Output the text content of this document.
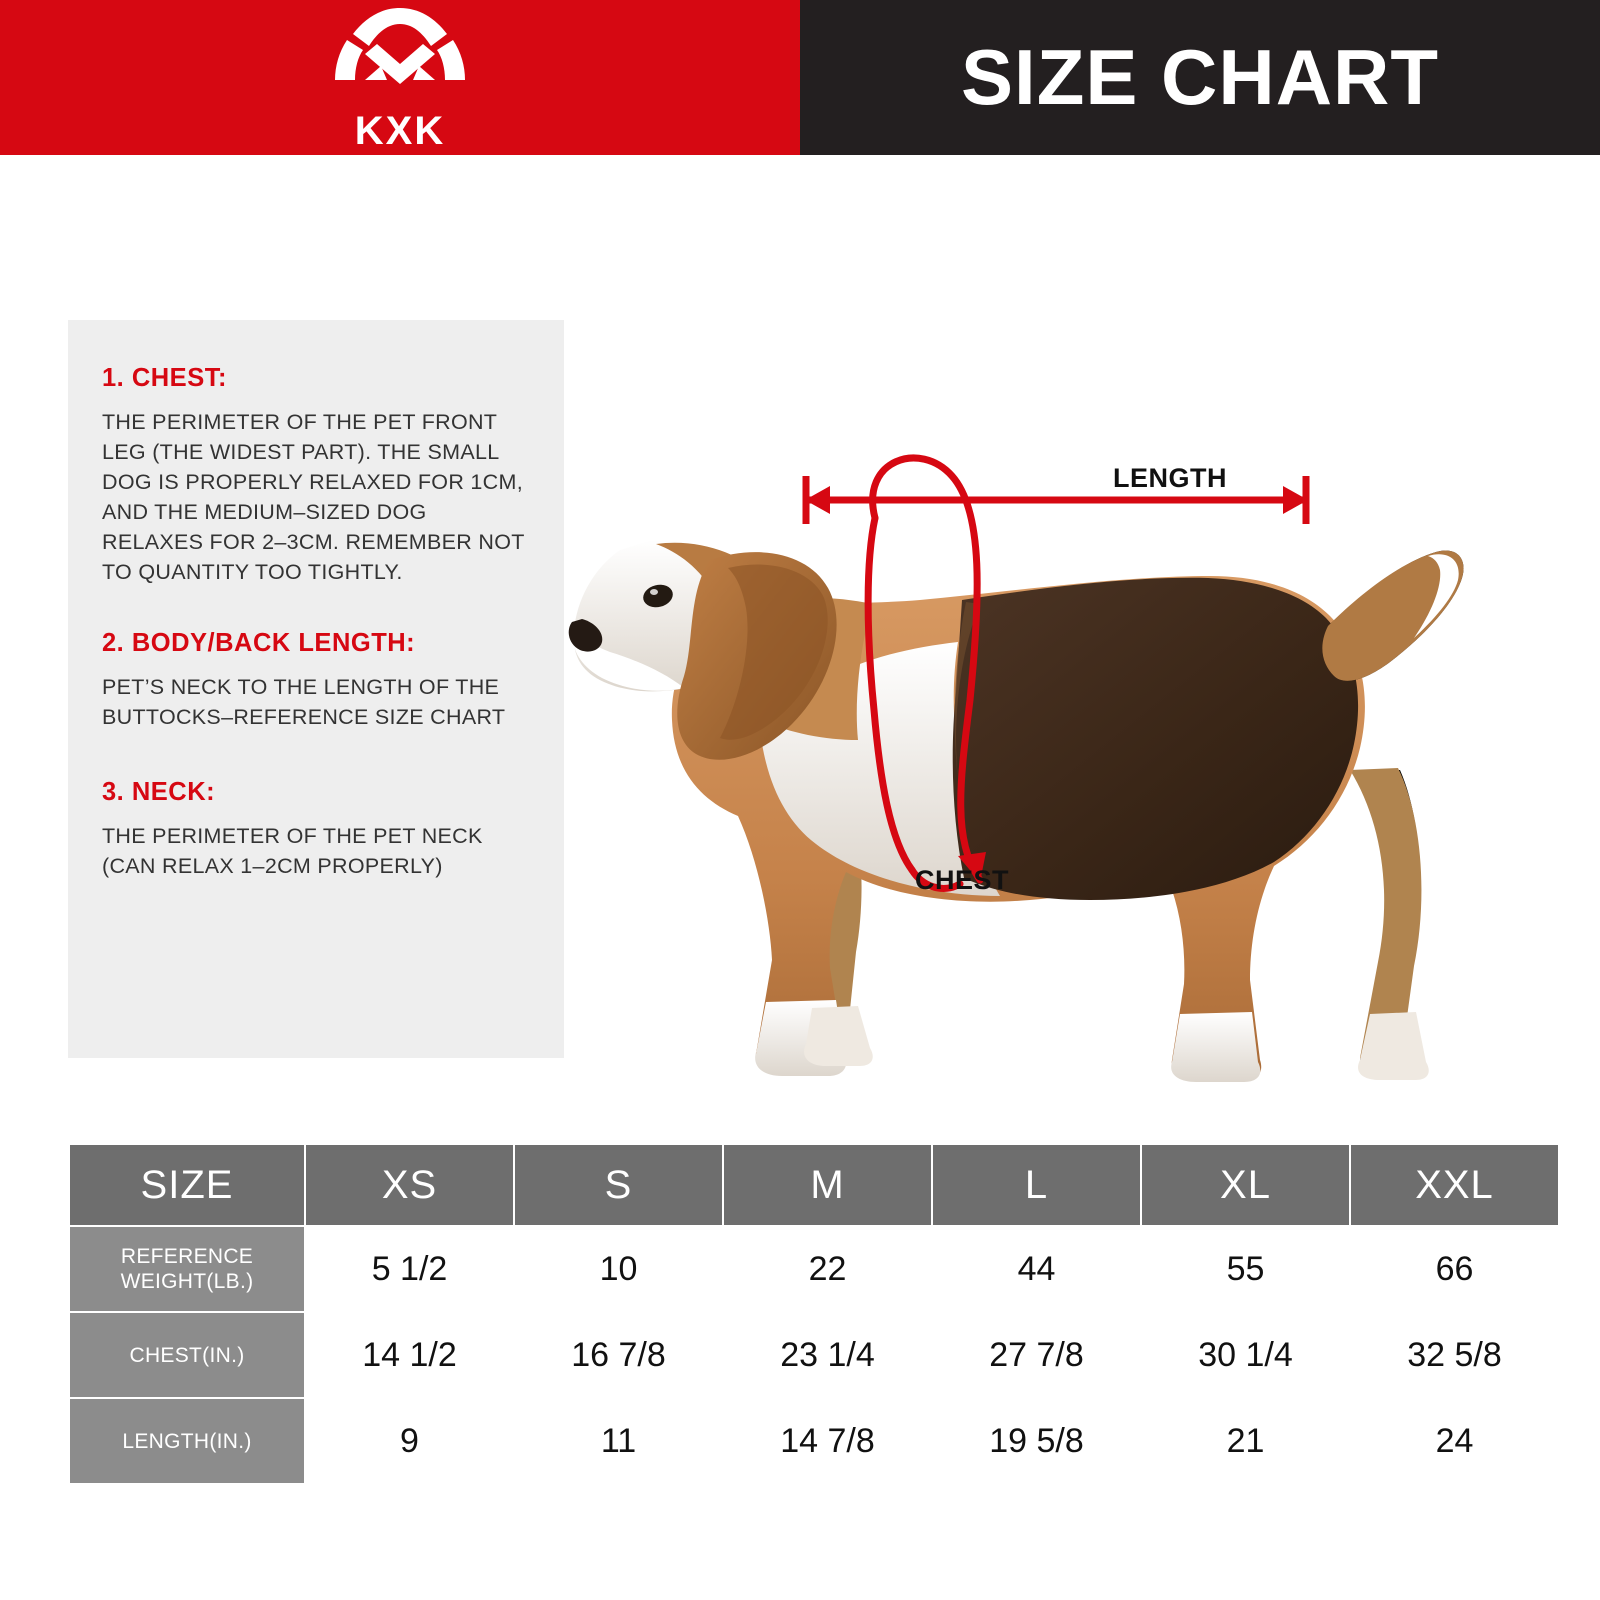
KXK
SIZE CHART
1. CHEST:

THE PERIMETER OF THE PET FRONT LEG (THE WIDEST PART). THE SMALL DOG IS PROPERLY RELAXED FOR 1CM, AND THE MEDIUM–SIZED DOG RELAXES FOR 2–3CM. REMEMBER NOT TO QUANTITY TOO TIGHTLY.

2. BODY/BACK LENGTH:

PET’S NECK TO THE LENGTH OF THE BUTTOCKS–REFERENCE SIZE CHART

3. NECK:

THE PERIMETER OF THE PET NECK (CAN RELAX 1–2CM PROPERLY)

LENGTH
CHEST
SIZE	XS	S	M	L	XL	XXL
REFERENCE
WEIGHT(LB.)	5 1/2	10	22	44	55	66
CHEST(IN.)	14 1/2	16 7/8	23 1/4	27 7/8	30 1/4	32 5/8
LENGTH(IN.)	9	11	14 7/8	19 5/8	21	24
